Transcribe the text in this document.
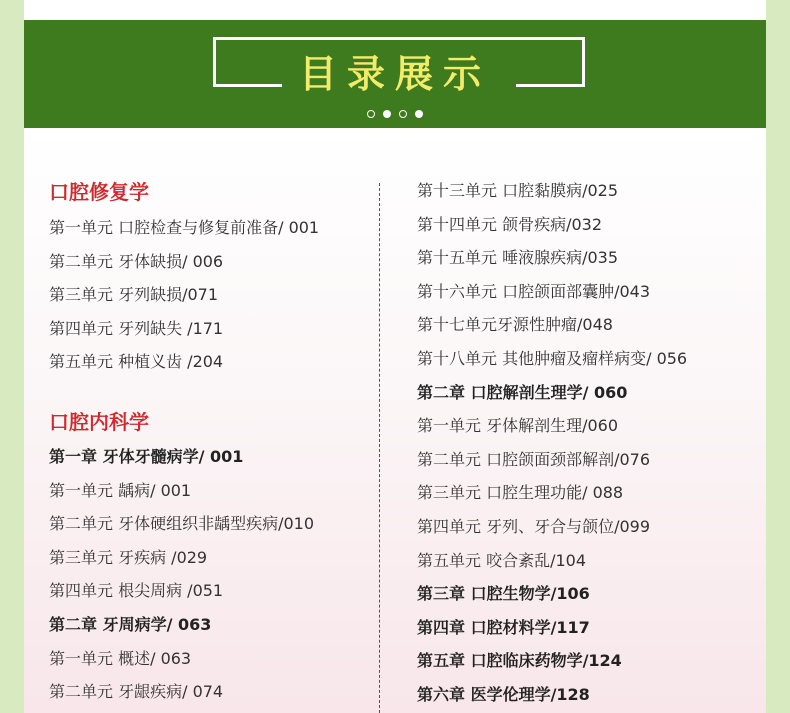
目录展示
口腔修复学
第一单元 口腔检查与修复前准备/ 001
第二单元 牙体缺损/ 006
第三单元 牙列缺损/071
第四单元 牙列缺失 /171
第五单元 种植义齿 /204
口腔内科学
第一章 牙体牙髓病学/ 001
第一单元 龋病/ 001
第二单元 牙体硬组织非龋型疾病/010
第三单元 牙疾病 /029
第四单元 根尖周病 /051
第二章 牙周病学/ 063
第一单元 概述/ 063
第二单元 牙龈疾病/ 074
第十三单元 口腔黏膜病/025
第十四单元 颌骨疾病/032
第十五单元 唾液腺疾病/035
第十六单元 口腔颌面部囊肿/043
第十七单元牙源性肿瘤/048
第十八单元 其他肿瘤及瘤样病变/ 056
第二章 口腔解剖生理学/ 060
第一单元 牙体解剖生理/060
第二单元 口腔颌面颈部解剖/076
第三单元 口腔生理功能/ 088
第四单元 牙列、牙合与颌位/099
第五单元 咬合紊乱/104
第三章 口腔生物学/106
第四章 口腔材料学/117
第五章 口腔临床药物学/124
第六章 医学伦理学/128
